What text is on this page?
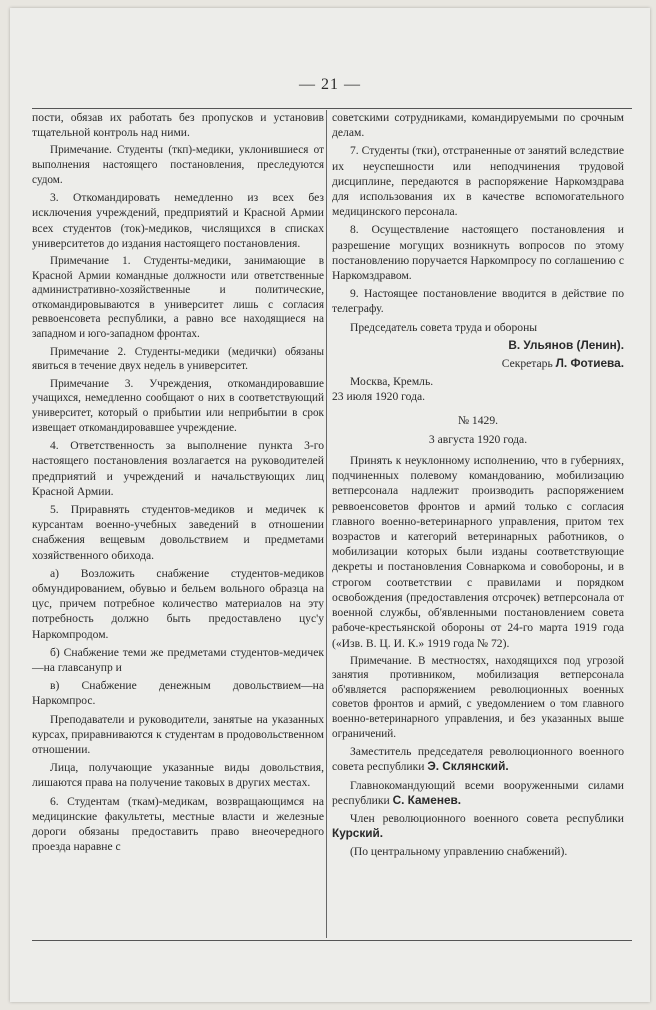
— 21 —

пости, обязав их работать без пропусков и установив тщательной контроль над ними.

Примечание. Студенты (ткп)-медики, уклонившиеся от выполнения настоящего постановления, преследуются судом.

3. Откомандировать немедленно из всех без исключения учреждений, предприятий и Красной Армии всех студентов (ток)-медиков, числящихся в списках университетов до издания настоящего постановления.

Примечание 1. Студенты-медики, занимающие в Красной Армии командные должности или ответственные административно-хозяйственные и политические, откомандировываются в университет лишь с согласия реввоенсовета республики, а равно все находящиеся на западном и юго-западном фронтах.

Примечание 2. Студенты-медики (медички) обязаны явиться в течение двух недель в университет.

Примечание 3. Учреждения, откомандировавшие учащихся, немедленно сообщают о них в соответствующий университет, который о прибытии или неприбытии в срок извещает откомандировавшее учреждение.

4. Ответственность за выполнение пункта 3-го настоящего постановления возлагается на руководителей предприятий и учреждений и начальствующих лиц Красной Армии.

5. Приравнять студентов-медиков и медичек к курсантам военно-учебных заведений в отношении снабжения вещевым довольствием и предметами хозяйственного обихода.

а) Возложить снабжение студентов-медиков обмундированием, обувью и бельем вольного образца на цус, причем потребное количество материалов на эту потребность должно быть предоставлено цус'у Наркомпродом.

б) Снабжение теми же предметами студентов-медичек—на главсанупр и

в) Снабжение денежным довольствием—на Наркомпрос.

Преподаватели и руководители, занятые на указанных курсах, приравниваются к студентам в продовольственном отношении.

Лица, получающие указанные виды довольствия, лишаются права на получение таковых в других местах.

6. Студентам (ткам)-медикам, возвращающимся на медицинские факультеты, местные власти и железные дороги обязаны предоставить право внеочередного проезда наравне с

советскими сотрудниками, командируемыми по срочным делам.

7. Студенты (тки), отстраненные от занятий вследствие их неуспешности или неподчинения трудовой дисциплине, передаются в распоряжение Наркомздрава для использования их в качестве вспомогательного медицинского персонала.

8. Осуществление настоящего постановления и разрешение могущих возникнуть вопросов по этому постановлению поручается Наркомпросу по соглашению с Наркомздравом.

9. Настоящее постановление вводится в действие по телеграфу.

Председатель совета труда и обороны

В. Ульянов (Ленин).

Секретарь Л. Фотиева.

Москва, Кремль.

23 июля 1920 года.

№ 1429.

3 августа 1920 года.

Принять к неуклонному исполнению, что в губерниях, подчиненных полевому командованию, мобилизацию ветперсонала надлежит производить распоряжением реввоенсоветов фронтов и армий только с согласия главного военно-ветеринарного управления, притом тех возрастов и категорий ветеринарных работников, о мобилизации которых были изданы соответствующие декреты и постановления Совнаркома и совобороны, и в строгом соответствии с правилами и порядком освобождения (предоставления отсрочек) ветперсонала от военной службы, об'явленными постановлением совета рабоче-крестьянской обороны от 24-го марта 1919 года («Изв. В. Ц. И. К.» 1919 года № 72).

Примечание. В местностях, находящихся под угрозой занятия противником, мобилизация ветперсонала об'является распоряжением революционных военных советов фронтов и армий, с уведомлением о том главного военно-ветеринарного управления, и без указанных выше ограничений.

Заместитель председателя революционного военного совета республики Э. Склянский.

Главнокомандующий всеми вооруженными силами республики С. Каменев.

Член революционного военного совета республики Курский.

(По центральному управлению снабжений).
